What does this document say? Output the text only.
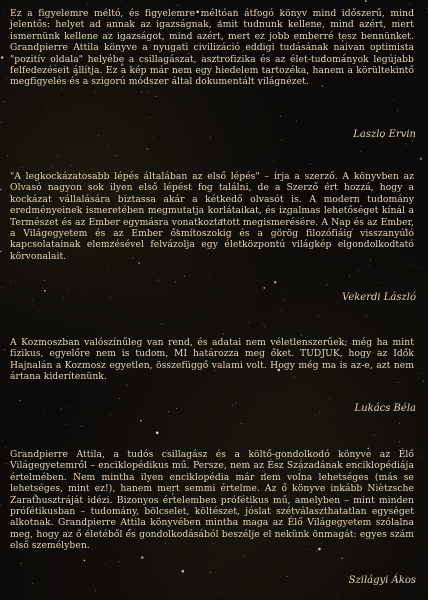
Ez a figyelemre méltó, és figyelemre méltóan átfogó könyv mind időszerű, mind jelentős: helyet ad annak az igazságnak, amit tudnunk kellene, mind azért, mert ismernünk kellene az igazságot, mind azért, mert ez jobb emberré tesz bennünket. Grandpierre Attila könyve a nyugati civilizáció eddigi tudásának naivan optimista "pozitív oldala" helyébe a csillagászat, asztrofizika és az élet-tudományok legújabb felfedezéseit állítja. Ez a kép már nem egy hiedelem tartozéka, hanem a körültekintő megfigyelés és a szigorú módszer által dokumentált világnézet.

Laszlo Ervin

"A legkockázatosabb lépés általában az első lépés" – írja a szerző. A könyvben az Olvasó nagyon sok ilyen első lépést fog találni, de a Szerző ért hozzá, hogy a kockázat vállalására biztassa akár a kétkedő olvasót is. A modern tudomány eredményeinek ismeretében megmutatja korlátaikat, és izgalmas lehetőséget kínál a Természet és az Ember egymásra vonatkoztatott megismerésére. A Nap és az Ember, a Világegyetem és az Ember ősmítoszokig és a görög filozófiáig visszanyúló kapcsolatainak elemzésével felvázolja egy életközpontú világkép elgondolkodtató körvonalait.

Vekerdi László

A Kozmoszban valószínűleg van rend, és adatai nem véletlenszerűek; még ha mint fizikus, egyelőre nem is tudom, MI határozza meg őket. TUDJUK, hogy az Idők Hajnalán a Kozmosz egyetlen, összefüggő valami volt. Hogy még ma is az-e, azt nem ártana kiderítenünk.

Lukács Béla

Grandpierre Attila, a tudós csillagász és a költő-gondolkodó könyve az Élő Világegyetemről – enciklopédikus mű. Persze, nem az Ész Századának enciklopédiája értelmében. Nem mintha ilyen enciklopédia már nem volna lehetséges (más se lehetséges, mint ez!), hanem mert semmi értelme. Az ő könyve inkább Nietzsche Zarathusztráját idézi. Bizonyos értelemben prófétikus mű, amelyben – mint minden prófétikusban – tudomány, bölcselet, költészet, jóslat szétválaszthatatlan egységet alkotnak. Grandpierre Attila könyvében mintha maga az Élő Világegyetem szólalna meg, hogy az ő életéből és gondolkodásából beszélje el nekünk önmagát: egyes szám első személyben.

Szilágyi Ákos
